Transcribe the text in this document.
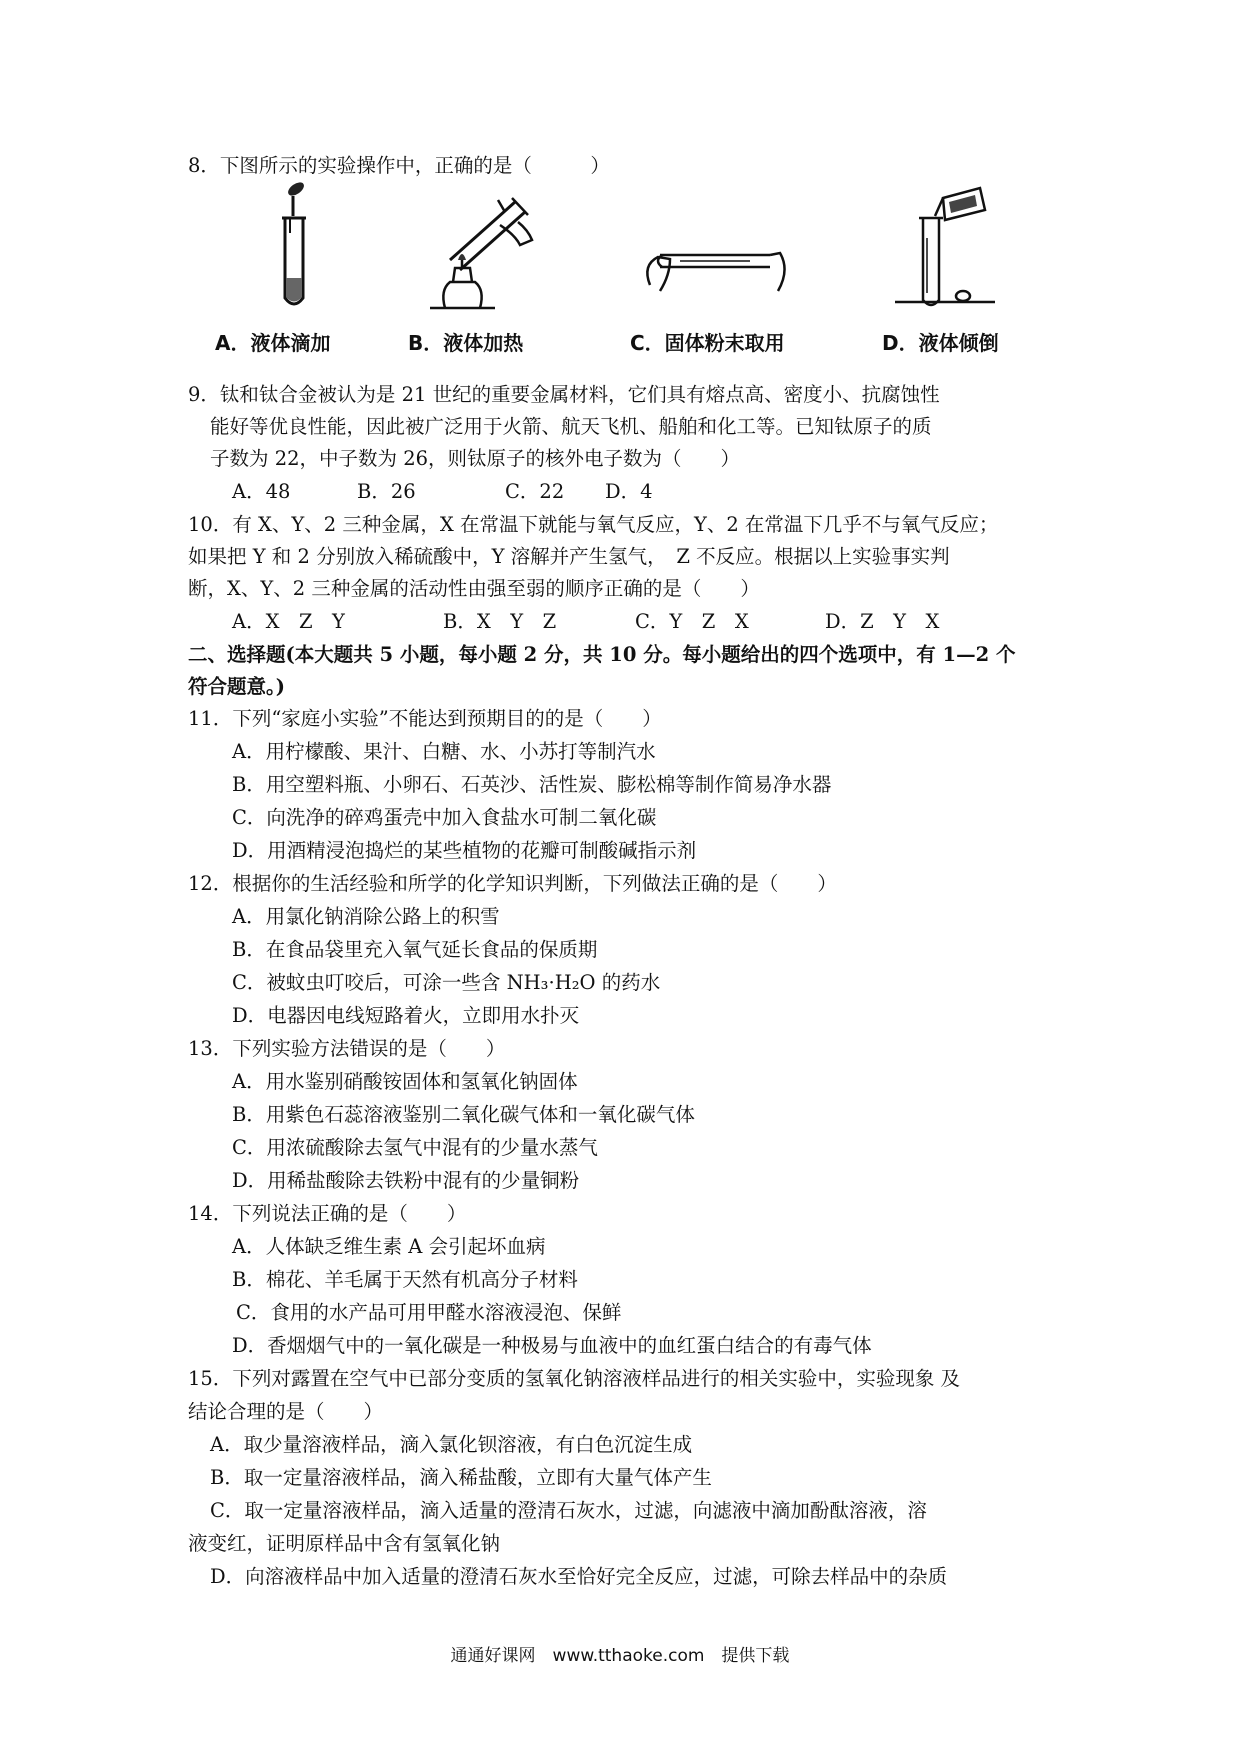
8．下图所示的实验操作中，正确的是（　　　）
A．液体滴加	B．液体加热	C．固体粉末取用	D．液体倾倒
9．钛和钛合金被认为是 21 世纪的重要金属材料，它们具有熔点高、密度小、抗腐蚀性
能好等优良性能，因此被广泛用于火箭、航天飞机、船舶和化工等。已知钛原子的质
子数为 22，中子数为 26，则钛原子的核外电子数为（　　）
A．48	B．26	C．22 D．4
10．有 X、Y、2 三种金属，X 在常温下就能与氧气反应，Y、2 在常温下几乎不与氧气反应；
如果把 Y 和 2 分别放入稀硫酸中，Y 溶解并产生氢气，　Z 不反应。根据以上实验事实判
断，X、Y、2 三种金属的活动性由强至弱的顺序正确的是（　　）
A．X　Z　Y	B．X　Y　Z	C．Y　Z　X	D．Z　Y　X
二、选择题(本大题共 5 小题，每小题 2 分，共 10 分。每小题给出的四个选项中，有 1—2 个
符合题意。)
11．下列“家庭小实验”不能达到预期目的的是（　　）
A．用柠檬酸、果汁、白糖、水、小苏打等制汽水
B．用空塑料瓶、小卵石、石英沙、活性炭、膨松棉等制作简易净水器
C．向洗净的碎鸡蛋壳中加入食盐水可制二氧化碳
D．用酒精浸泡捣烂的某些植物的花瓣可制酸碱指示剂
12．根据你的生活经验和所学的化学知识判断，下列做法正确的是（　　）
A．用氯化钠消除公路上的积雪
B．在食品袋里充入氧气延长食品的保质期
C．被蚊虫叮咬后，可涂一些含 NH₃·H₂O 的药水
D．电器因电线短路着火，立即用水扑灭
13．下列实验方法错误的是（　　）
A．用水鉴别硝酸铵固体和氢氧化钠固体
B．用紫色石蕊溶液鉴别二氧化碳气体和一氧化碳气体
C．用浓硫酸除去氢气中混有的少量水蒸气
D．用稀盐酸除去铁粉中混有的少量铜粉
14．下列说法正确的是（　　）
A．人体缺乏维生素 A 会引起坏血病
B．棉花、羊毛属于天然有机高分子材料
C．食用的水产品可用甲醛水溶液浸泡、保鲜
D．香烟烟气中的一氧化碳是一种极易与血液中的血红蛋白结合的有毒气体
15．下列对露置在空气中已部分变质的氢氧化钠溶液样品进行的相关实验中，实验现象 及
结论合理的是（　　）
A．取少量溶液样品，滴入氯化钡溶液，有白色沉淀生成
B．取一定量溶液样品，滴入稀盐酸，立即有大量气体产生
C．取一定量溶液样品，滴入适量的澄清石灰水，过滤，向滤液中滴加酚酞溶液，溶
液变红，证明原样品中含有氢氧化钠
D．向溶液样品中加入适量的澄清石灰水至恰好完全反应，过滤，可除去样品中的杂质
通通好课网　www.tthaoke.com　提供下载
